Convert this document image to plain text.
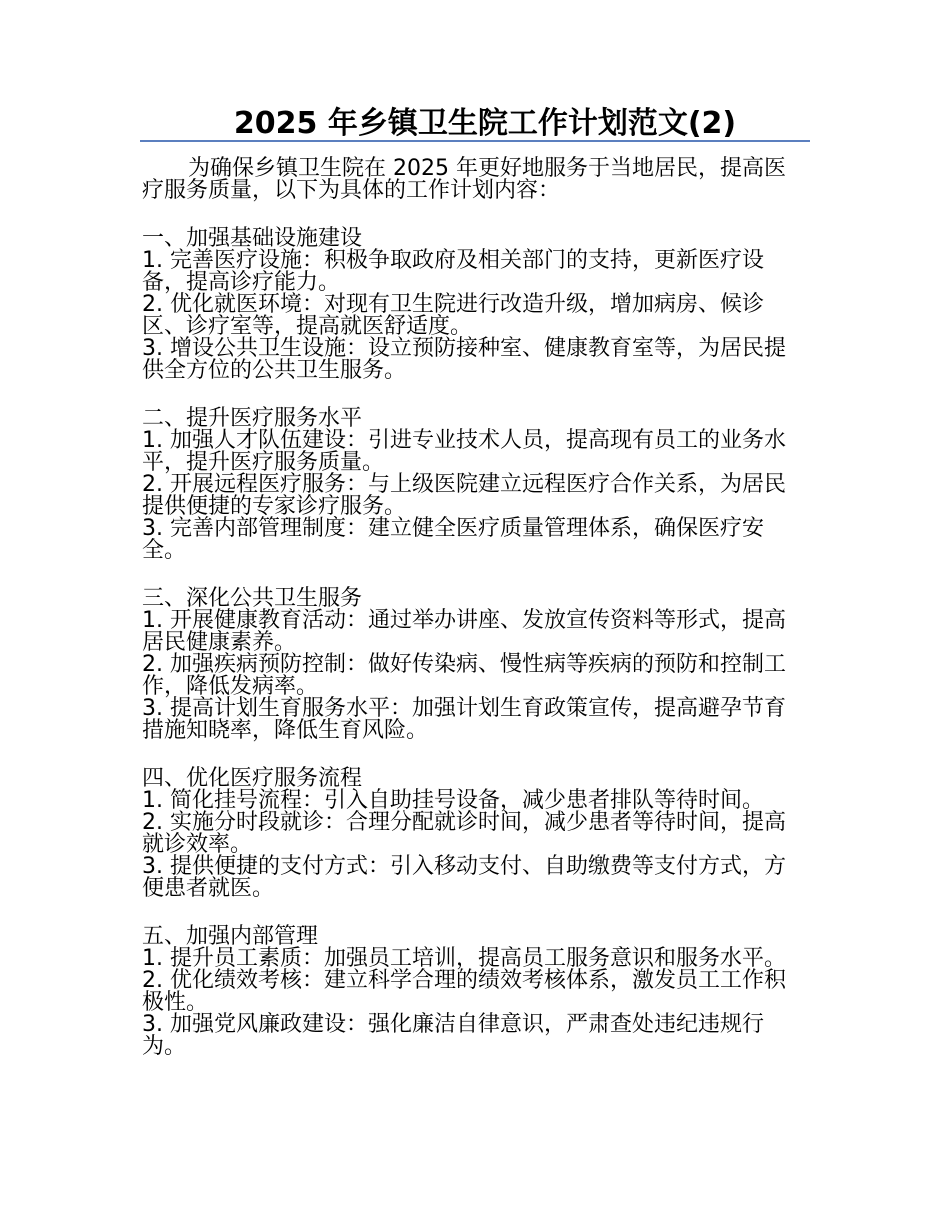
2025 年乡镇卫生院工作计划范文(2)

为确保乡镇卫生院在 2025 年更好地服务于当地居民，提高医疗服务质量，以下为具体的工作计划内容：

一、加强基础设施建设

1. 完善医疗设施：积极争取政府及相关部门的支持，更新医疗设备，提高诊疗能力。

2. 优化就医环境：对现有卫生院进行改造升级，增加病房、候诊区、诊疗室等，提高就医舒适度。

3. 增设公共卫生设施：设立预防接种室、健康教育室等，为居民提供全方位的公共卫生服务。

二、提升医疗服务水平

1. 加强人才队伍建设：引进专业技术人员，提高现有员工的业务水平，提升医疗服务质量。

2. 开展远程医疗服务：与上级医院建立远程医疗合作关系，为居民提供便捷的专家诊疗服务。

3. 完善内部管理制度：建立健全医疗质量管理体系，确保医疗安全。

三、深化公共卫生服务

1. 开展健康教育活动：通过举办讲座、发放宣传资料等形式，提高居民健康素养。

2. 加强疾病预防控制：做好传染病、慢性病等疾病的预防和控制工作，降低发病率。

3. 提高计划生育服务水平：加强计划生育政策宣传，提高避孕节育措施知晓率，降低生育风险。

四、优化医疗服务流程

1. 简化挂号流程：引入自助挂号设备，减少患者排队等待时间。

2. 实施分时段就诊：合理分配就诊时间，减少患者等待时间，提高就诊效率。

3. 提供便捷的支付方式：引入移动支付、自助缴费等支付方式，方便患者就医。

五、加强内部管理

1. 提升员工素质：加强员工培训，提高员工服务意识和服务水平。

2. 优化绩效考核：建立科学合理的绩效考核体系，激发员工工作积极性。

3. 加强党风廉政建设：强化廉洁自律意识，严肃查处违纪违规行为。
